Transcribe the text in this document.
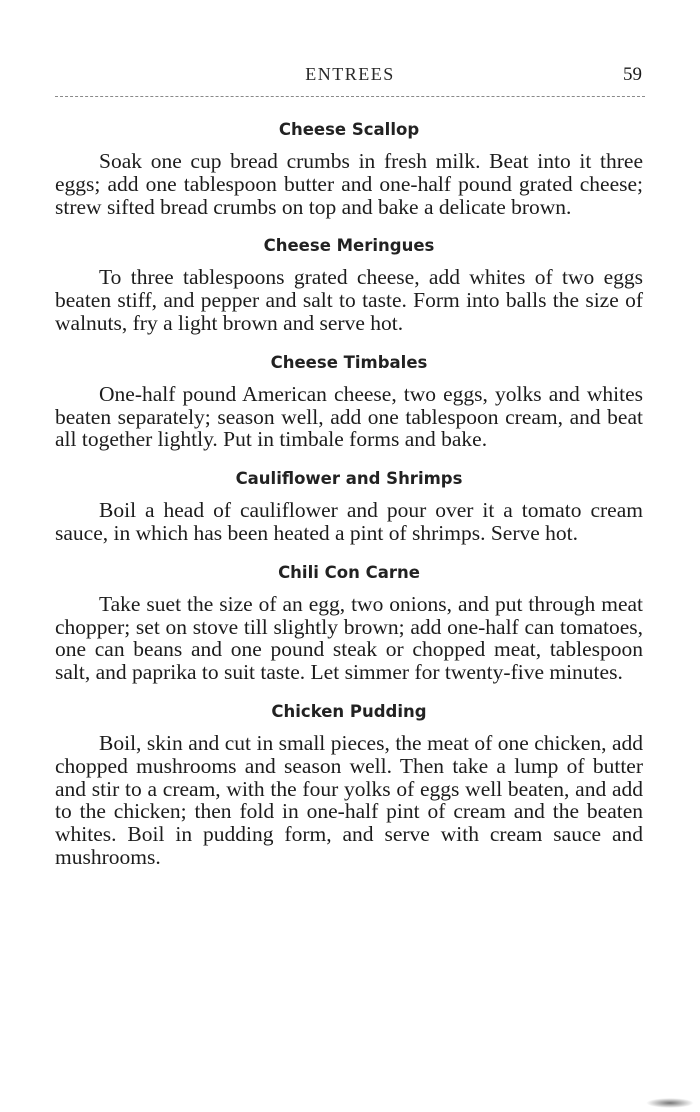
ENTREES	59
Cheese Scallop

Soak one cup bread crumbs in fresh milk. Beat into it three eggs; add one tablespoon butter and one-half pound grated cheese; strew sifted bread crumbs on top and bake a delicate brown.

Cheese Meringues

To three tablespoons grated cheese, add whites of two eggs beaten stiff, and pepper and salt to taste. Form into balls the size of walnuts, fry a light brown and serve hot.

Cheese Timbales

One-half pound American cheese, two eggs, yolks and whites beaten separately; season well, add one tablespoon cream, and beat all together lightly. Put in timbale forms and bake.

Cauliflower and Shrimps

Boil a head of cauliflower and pour over it a tomato cream sauce, in which has been heated a pint of shrimps. Serve hot.

Chili Con Carne

Take suet the size of an egg, two onions, and put through meat chopper; set on stove till slightly brown; add one-half can tomatoes, one can beans and one pound steak or chopped meat, tablespoon salt, and paprika to suit taste. Let simmer for twenty-five minutes.

Chicken Pudding

Boil, skin and cut in small pieces, the meat of one chicken, add chopped mushrooms and season well. Then take a lump of butter and stir to a cream, with the four yolks of eggs well beaten, and add to the chicken; then fold in one-half pint of cream and the beaten whites. Boil in pudding form, and serve with cream sauce and mushrooms.
